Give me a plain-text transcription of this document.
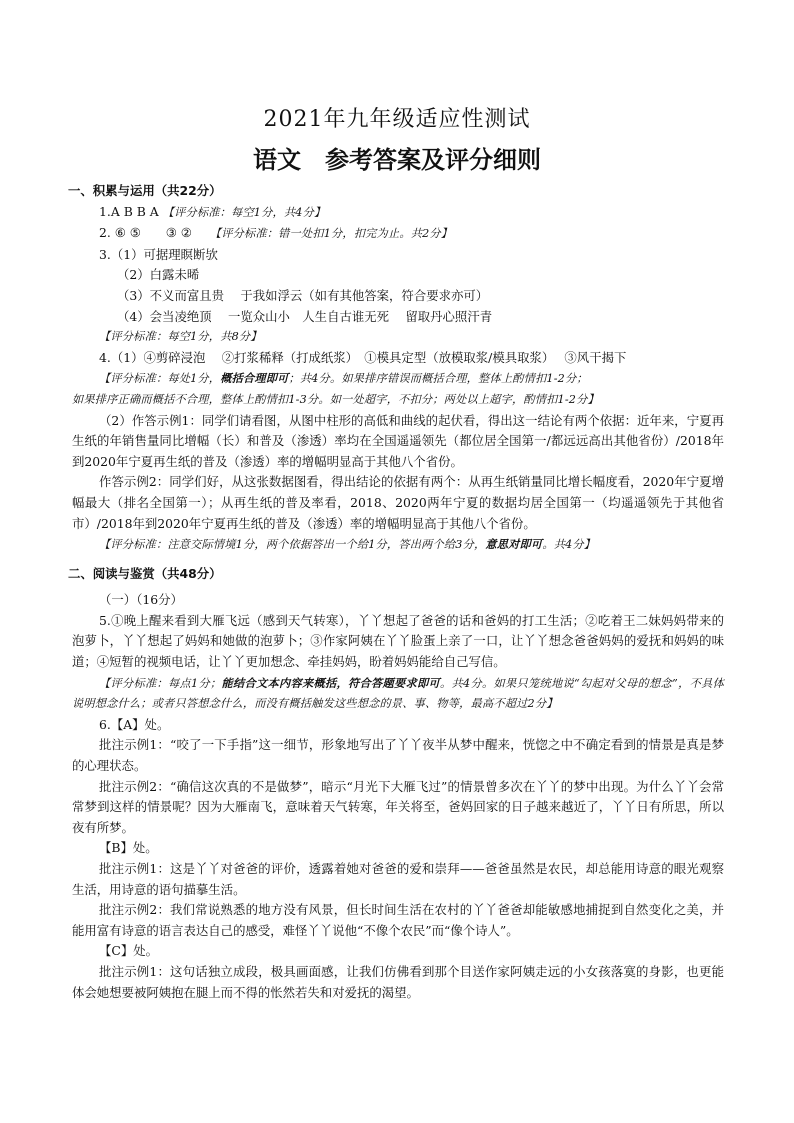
2021年九年级适应性测试
语文　参考答案及评分细则
一、积累与运用（共22分）
1.A B B A 【评分标准：每空1分，共4分】
2. ⑥ ⑤　　③ ② 【评分标准：错一处扣1分，扣完为止。共2分】
3.（1）可据理瞑断欤
（2）白露未晞
（3）不义而富且贵　 于我如浮云（如有其他答案，符合要求亦可）
（4）会当凌绝顶　 一览众山小　人生自古谁无死　 留取丹心照汗青
【评分标准：每空1分，共8分】
4.（1）④剪碎浸泡　 ②打浆稀释（打成纸浆）　①模具定型（放模取浆/模具取浆）　 ③风干揭下
【评分标准：每处1分，概括合理即可；共4分。如果排序错误而概括合理，整体上酌情扣1-2分；
如果排序正确而概括不合理，整体上酌情扣1-3分。如一处超字，不扣分；两处以上超字，酌情扣1-2分】
（2）作答示例1：同学们请看图，从图中柱形的高低和曲线的起伏看，得出这一结论有两个依据：近年来，宁夏再生纸的年销售量同比增幅（长）和普及（渗透）率均在全国遥遥领先（都位居全国第一/都远远高出其他省份）/2018年到2020年宁夏再生纸的普及（渗透）率的增幅明显高于其他八个省份。
作答示例2：同学们好，从这张数据图看，得出结论的依据有两个：从再生纸销量同比增长幅度看，2020年宁夏增幅最大（排名全国第一）；从再生纸的普及率看，2018、2020两年宁夏的数据均居全国第一（均遥遥领先于其他省市）/2018年到2020年宁夏再生纸的普及（渗透）率的增幅明显高于其他八个省份。
【评分标准：注意交际情境1分，两个依据答出一个给1分，答出两个给3分，意思对即可。共4分】
二、阅读与鉴赏（共48分）
（一）（16分）
5.①晚上醒来看到大雁飞远（感到天气转寒），丫丫想起了爸爸的话和爸妈的打工生活；②吃着王二妹妈妈带来的泡萝卜，丫丫想起了妈妈和她做的泡萝卜；③作家阿姨在丫丫脸蛋上亲了一口，让丫丫想念爸爸妈妈的爱抚和妈妈的味道；④短暂的视频电话，让丫丫更加想念、牵挂妈妈，盼着妈妈能给自己写信。
【评分标准：每点1分；能结合文本内容来概括，符合答题要求即可。共4分。如果只笼统地说“勾起对父母的想念”，不具体说明想念什么；或者只答想念什么，而没有概括触发这些想念的景、事、物等，最高不超过2分】
6.【A】处。
批注示例1：“咬了一下手指”这一细节，形象地写出了丫丫夜半从梦中醒来，恍惚之中不确定看到的情景是真是梦的心理状态。
批注示例2：“确信这次真的不是做梦”，暗示“月光下大雁飞过”的情景曾多次在丫丫的梦中出现。为什么丫丫会常常梦到这样的情景呢？因为大雁南飞，意味着天气转寒，年关将至，爸妈回家的日子越来越近了，丫丫日有所思，所以夜有所梦。
【B】处。
批注示例1：这是丫丫对爸爸的评价，透露着她对爸爸的爱和崇拜——爸爸虽然是农民，却总能用诗意的眼光观察生活，用诗意的语句描摹生活。
批注示例2：我们常说熟悉的地方没有风景，但长时间生活在农村的丫丫爸爸却能敏感地捕捉到自然变化之美，并能用富有诗意的语言表达自己的感受，难怪丫丫说他“不像个农民”而“像个诗人”。
【C】处。
批注示例1：这句话独立成段，极具画面感，让我们仿佛看到那个目送作家阿姨走远的小女孩落寞的身影，也更能体会她想要被阿姨抱在腿上而不得的怅然若失和对爱抚的渴望。
